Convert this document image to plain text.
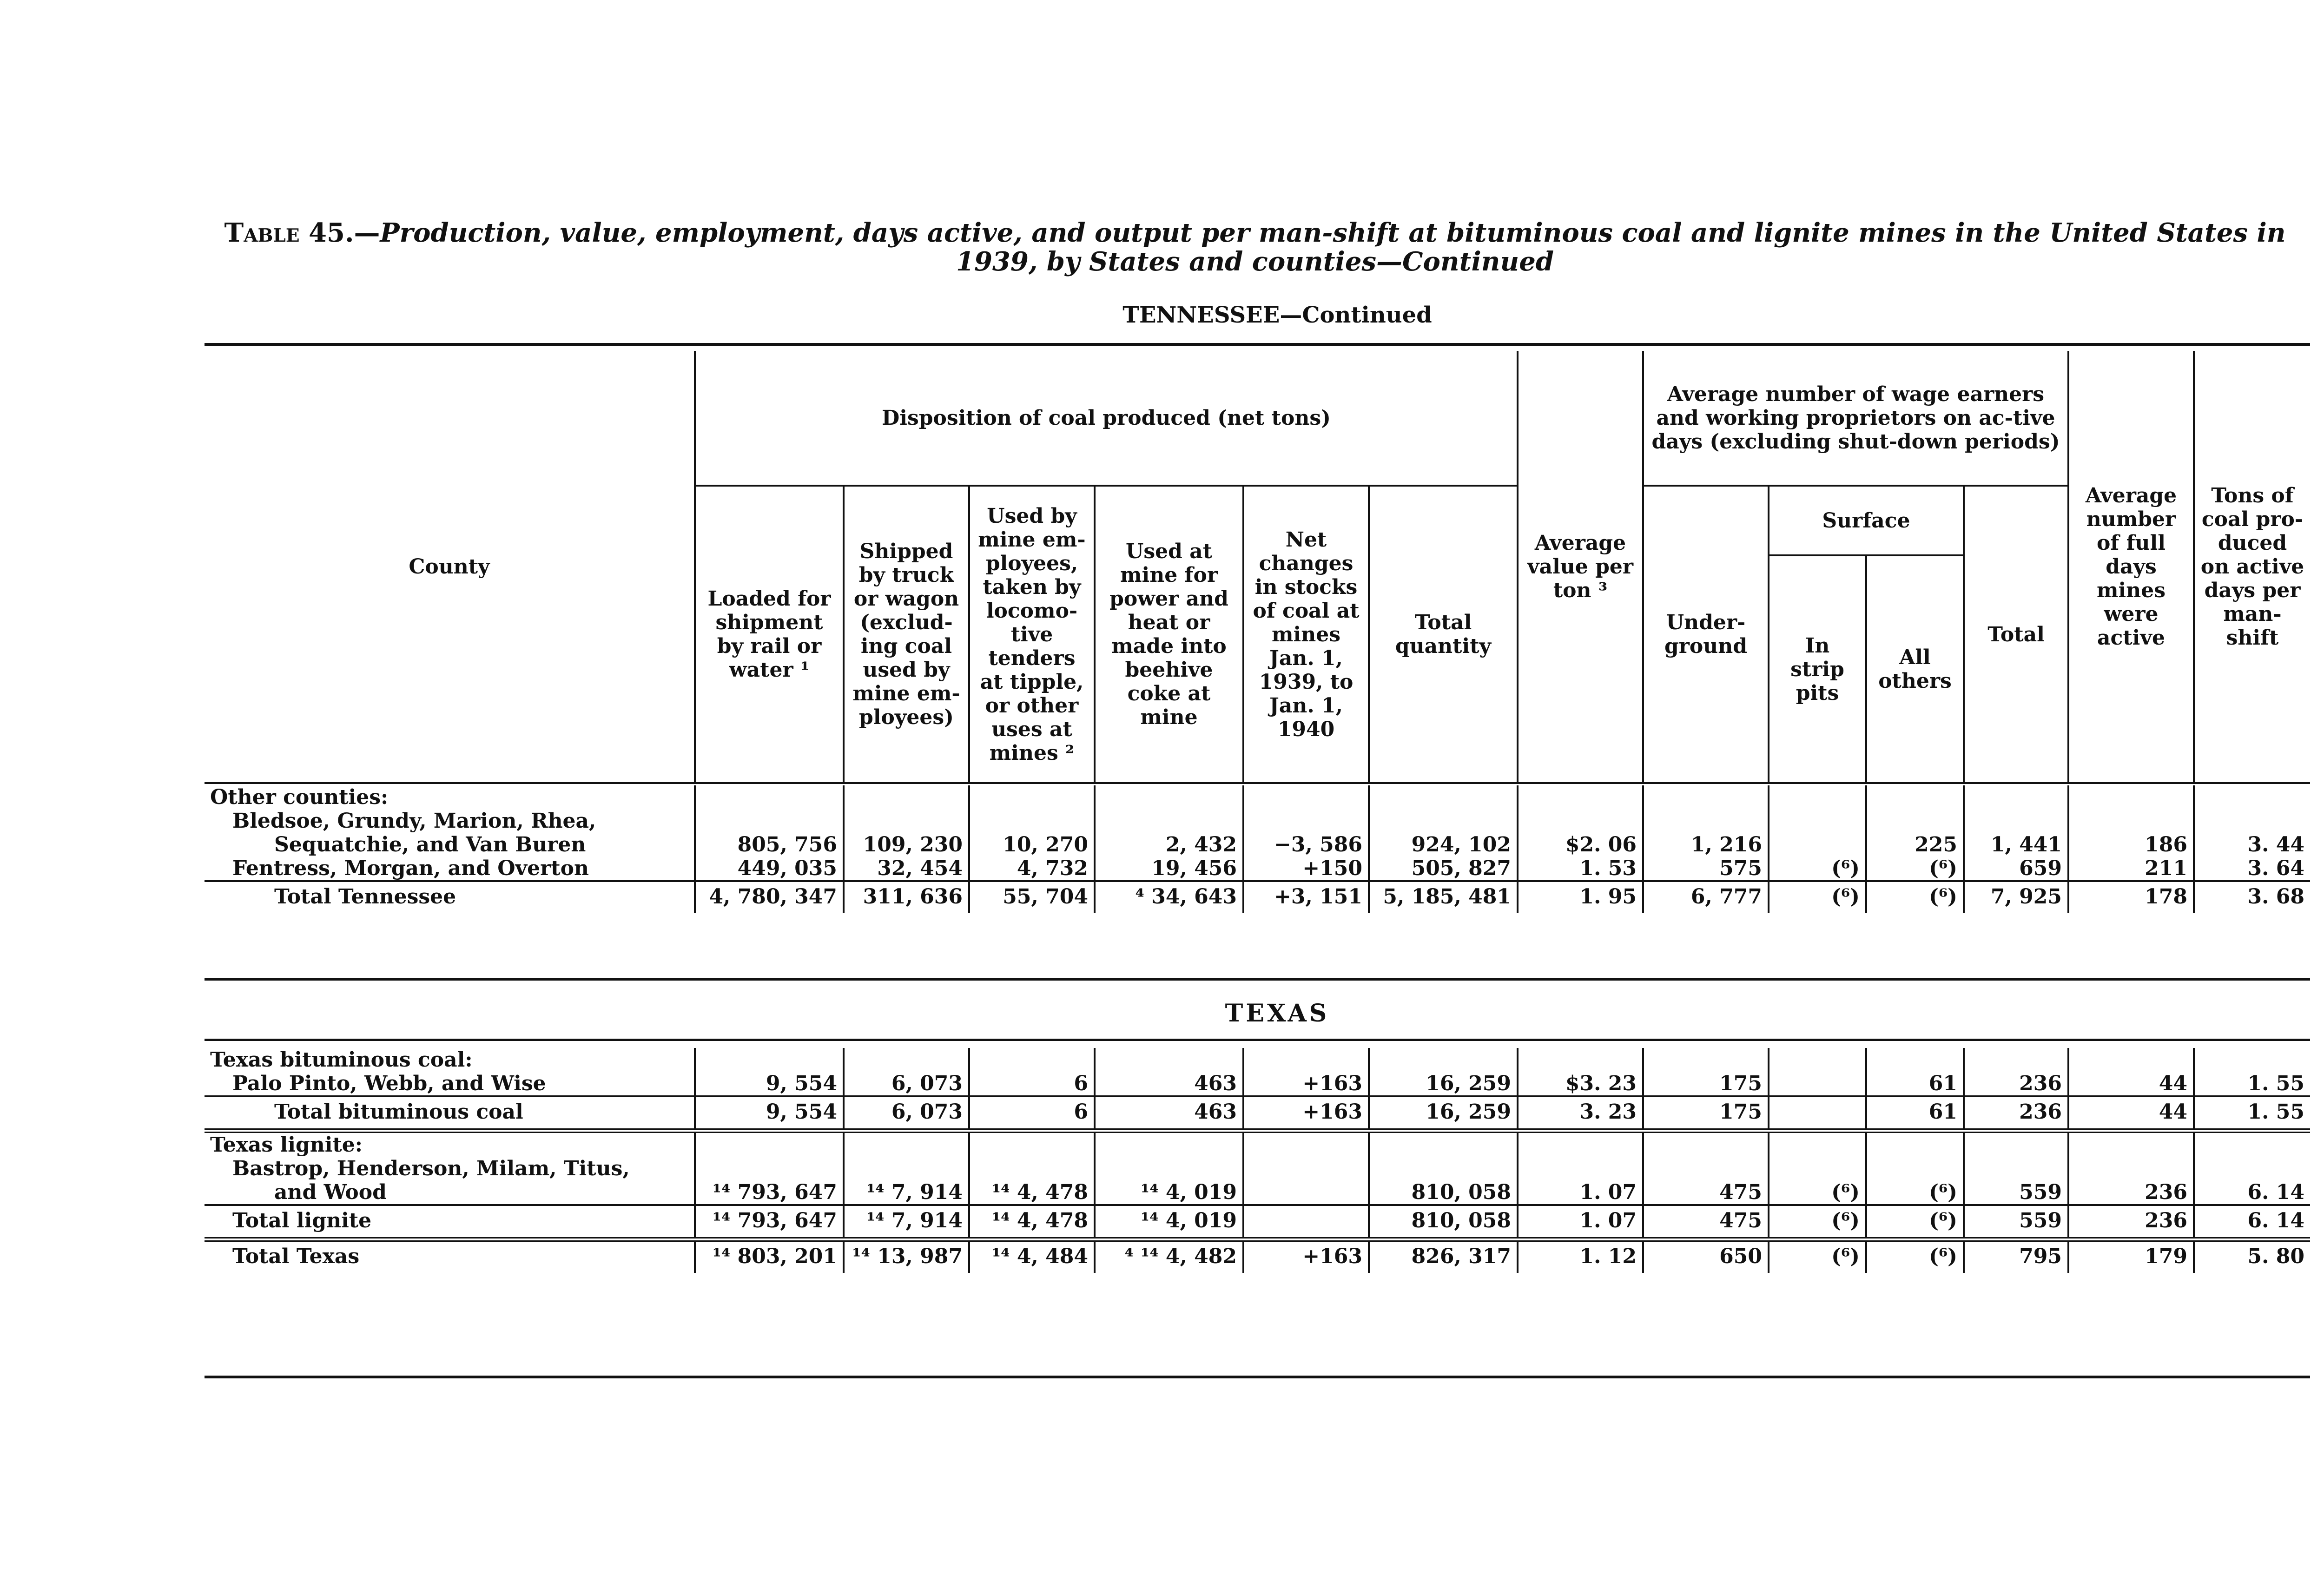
Table 45.—Production, value, employment, days active, and output per man-shift at bituminous coal and lignite mines in the United States in 1939, by States and counties—Continued
TENNESSEE—Continued
County	Disposition of coal produced (net tons)						Average value per ton ³	Average number of wage earners and working proprietors on ac-tive days (excluding shut-down periods)				Average number of full days mines were active	Tons of coal pro-duced on active days per man-shift
	Loaded for shipment by rail or water ¹	Shipped by truck or wagon (exclud-ing coal used by mine em-ployees)	Used by mine em-ployees, taken by locomo-tive tenders at tipple, or other uses at mines ²	Used at mine for power and heat or made into beehive coke at mine	Net changes in stocks of coal at mines Jan. 1, 1939, to Jan. 1, 1940	Total quantity		Under-ground	Surface		Total		
									In strip pits	All others			
Other counties:													
Bledsoe, Grundy, Marion, Rhea,													
Sequatchie, and Van Buren	805, 756	109, 230	10, 270	2, 432	−3, 586	924, 102	$2. 06	1, 216		225	1, 441	186	3. 44
Fentress, Morgan, and Overton	449, 035	32, 454	4, 732	19, 456	+150	505, 827	1. 53	575	(⁶)	(⁶)	659	211	3. 64
Total Tennessee	4, 780, 347	311, 636	55, 704	⁴ 34, 643	+3, 151	5, 185, 481	1. 95	6, 777	(⁶)	(⁶)	7, 925	178	3. 68
TEXAS
Texas bituminous coal:													
Palo Pinto, Webb, and Wise	9, 554	6, 073	6	463	+163	16, 259	$3. 23	175		61	236	44	1. 55
Total bituminous coal	9, 554	6, 073	6	463	+163	16, 259	3. 23	175		61	236	44	1. 55
Texas lignite:													
Bastrop, Henderson, Milam, Titus,													
and Wood	¹⁴ 793, 647	¹⁴ 7, 914	¹⁴ 4, 478	¹⁴ 4, 019		810, 058	1. 07	475	(⁶)	(⁶)	559	236	6. 14
Total lignite	¹⁴ 793, 647	¹⁴ 7, 914	¹⁴ 4, 478	¹⁴ 4, 019		810, 058	1. 07	475	(⁶)	(⁶)	559	236	6. 14
Total Texas	¹⁴ 803, 201	¹⁴ 13, 987	¹⁴ 4, 484	⁴ ¹⁴ 4, 482	+163	826, 317	1. 12	650	(⁶)	(⁶)	795	179	5. 80
